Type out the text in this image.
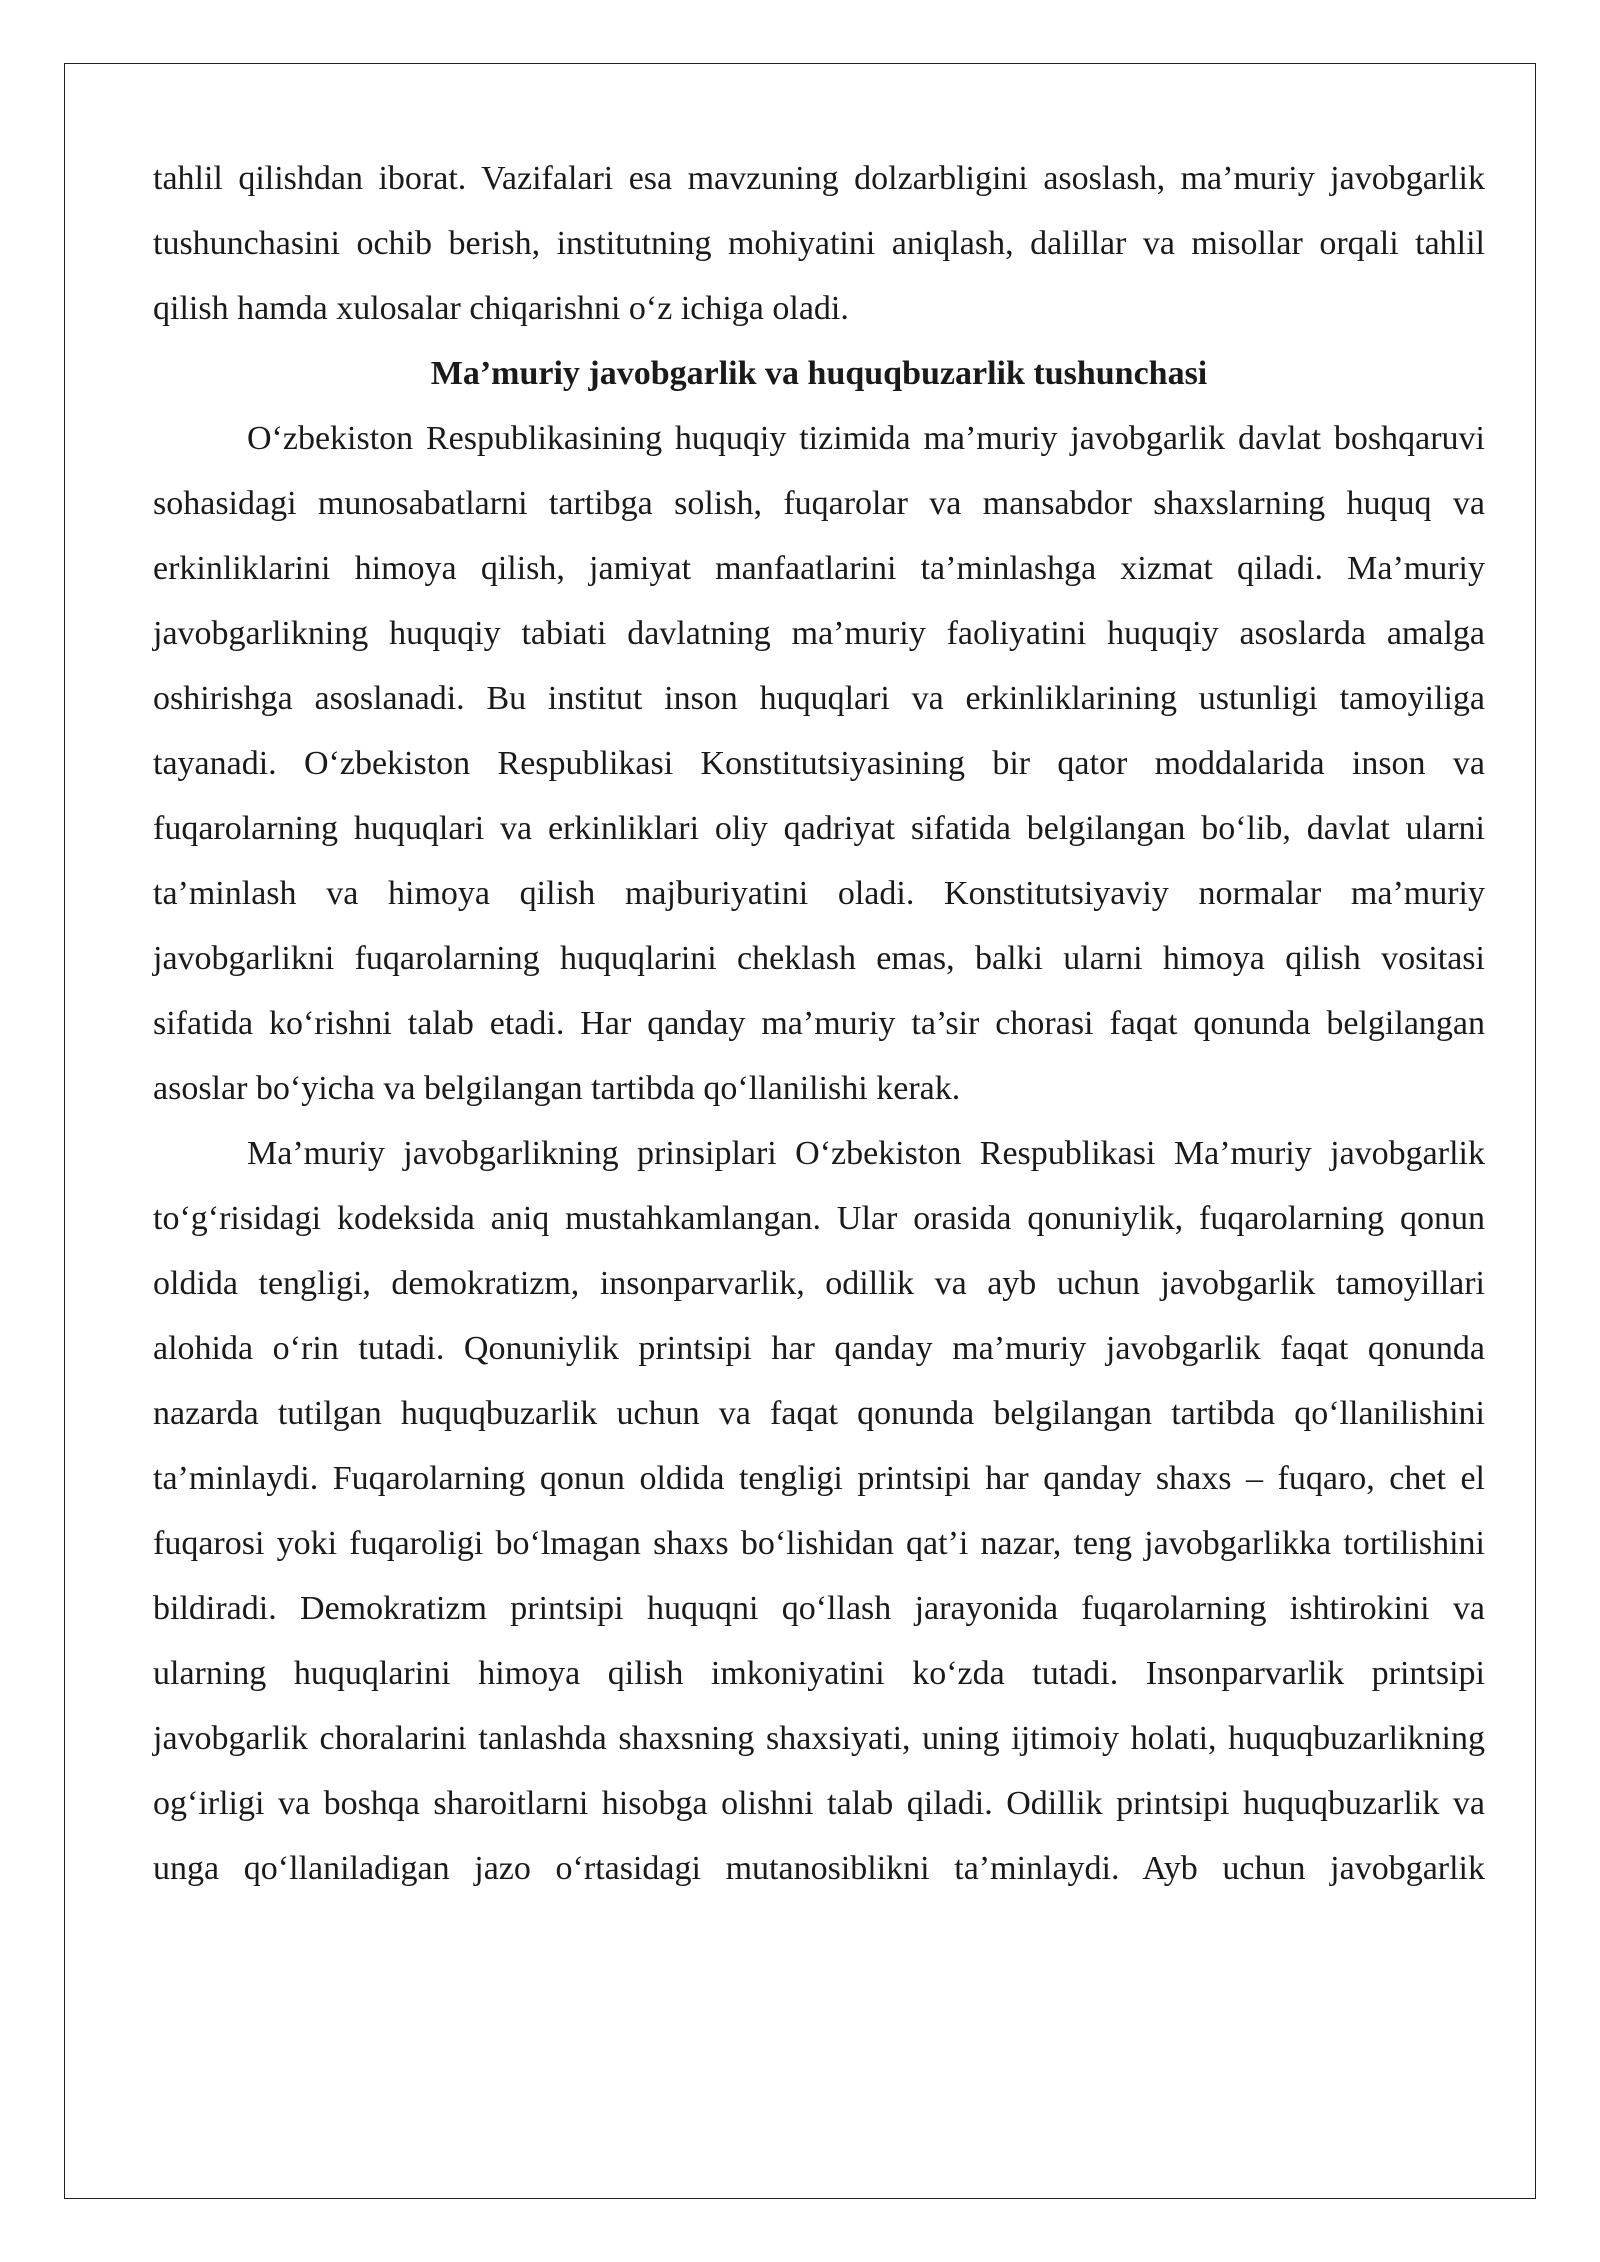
tahlil qilishdan iborat. Vazifalari esa mavzuning dolzarbligini asoslash, ma’muriy javobgarlik tushunchasini ochib berish, institutning mohiyatini aniqlash, dalillar va misollar orqali tahlil qilish hamda xulosalar chiqarishni o‘z ichiga oladi.

Ma’muriy javobgarlik va huquqbuzarlik tushunchasi

O‘zbekiston Respublikasining huquqiy tizimida ma’muriy javobgarlik davlat boshqaruvi sohasidagi munosabatlarni tartibga solish, fuqarolar va mansabdor shaxslarning huquq va erkinliklarini himoya qilish, jamiyat manfaatlarini ta’minlashga xizmat qiladi. Ma’muriy javobgarlikning huquqiy tabiati davlatning ma’muriy faoliyatini huquqiy asoslarda amalga oshirishga asoslanadi. Bu institut inson huquqlari va erkinliklarining ustunligi tamoyiliga tayanadi. O‘zbekiston Respublikasi Konstitutsiyasining bir qator moddalarida inson va fuqarolarning huquqlari va erkinliklari oliy qadriyat sifatida belgilangan bo‘lib, davlat ularni ta’minlash va himoya qilish majburiyatini oladi. Konstitutsiyaviy normalar ma’muriy javobgarlikni fuqarolarning huquqlarini cheklash emas, balki ularni himoya qilish vositasi sifatida ko‘rishni talab etadi. Har qanday ma’muriy ta’sir chorasi faqat qonunda belgilangan asoslar bo‘yicha va belgilangan tartibda qo‘llanilishi kerak.

Ma’muriy javobgarlikning prinsiplari O‘zbekiston Respublikasi Ma’muriy javobgarlik to‘g‘risidagi kodeksida aniq mustahkamlangan. Ular orasida qonuniylik, fuqarolarning qonun oldida tengligi, demokratizm, insonparvarlik, odillik va ayb uchun javobgarlik tamoyillari alohida o‘rin tutadi. Qonuniylik printsipi har qanday ma’muriy javobgarlik faqat qonunda nazarda tutilgan huquqbuzarlik uchun va faqat qonunda belgilangan tartibda qo‘llanilishini ta’minlaydi. Fuqarolarning qonun oldida tengligi printsipi har qanday shaxs – fuqaro, chet el fuqarosi yoki fuqaroligi bo‘lmagan shaxs bo‘lishidan qat’i nazar, teng javobgarlikka tortilishini bildiradi. Demokratizm printsipi huquqni qo‘llash jarayonida fuqarolarning ishtirokini va ularning huquqlarini himoya qilish imkoniyatini ko‘zda tutadi. Insonparvarlik printsipi javobgarlik choralarini tanlashda shaxsning shaxsiyati, uning ijtimoiy holati, huquqbuzarlikning og‘irligi va boshqa sharoitlarni hisobga olishni talab qiladi. Odillik printsipi huquqbuzarlik va unga qo‘llaniladigan jazo o‘rtasidagi mutanosiblikni ta’minlaydi. Ayb uchun javobgarlik
